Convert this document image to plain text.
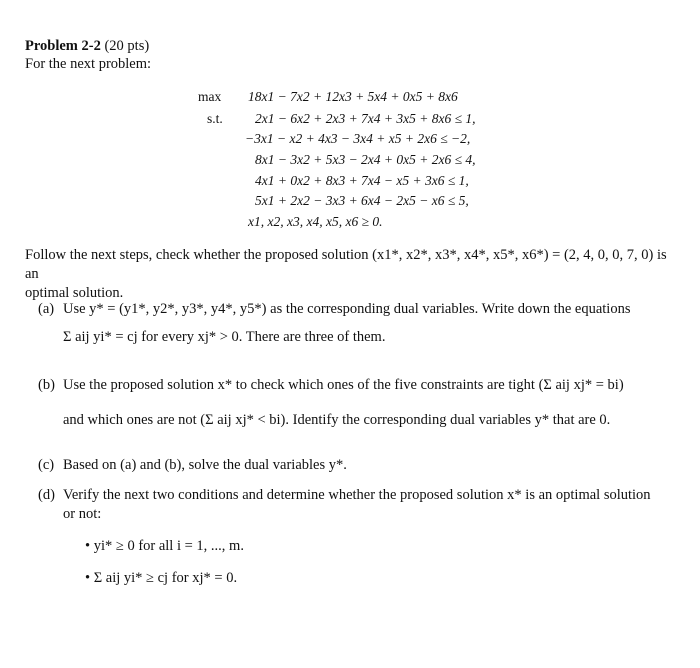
Problem 2-2 (20 pts)
For the next problem:
max
s.t.
18x1 − 7x2 + 12x3 + 5x4 + 0x5 + 8x6
2x1 − 6x2 + 2x3 + 7x4 + 3x5 + 8x6 ≤ 1,
−3x1 − x2 + 4x3 − 3x4 + x5 + 2x6 ≤ −2,
8x1 − 3x2 + 5x3 − 2x4 + 0x5 + 2x6 ≤ 4,
4x1 + 0x2 + 8x3 + 7x4 − x5 + 3x6 ≤ 1,
5x1 + 2x2 − 3x3 + 6x4 − 2x5 − x6 ≤ 5,
x1, x2, x3, x4, x5, x6 ≥ 0.
Follow the next steps, check whether the proposed solution (x1*, x2*, x3*, x4*, x5*, x6*) = (2, 4, 0, 0, 7, 0) is an
optimal solution.
(a) Use y* = (y1*, y2*, y3*, y4*, y5*) as the corresponding dual variables. Write down the equations
Σ aij yi* = cj for every xj* > 0. There are three of them.
(b) Use the proposed solution x* to check which ones of the five constraints are tight (Σ aij xj* = bi)
and which ones are not (Σ aij xj* < bi). Identify the corresponding dual variables y* that are 0.
(c) Based on (a) and (b), solve the dual variables y*.
(d) Verify the next two conditions and determine whether the proposed solution x* is an optimal solution
or not:
• yi* ≥ 0 for all i = 1, ..., m.
• Σ aij yi* ≥ cj for xj* = 0.
